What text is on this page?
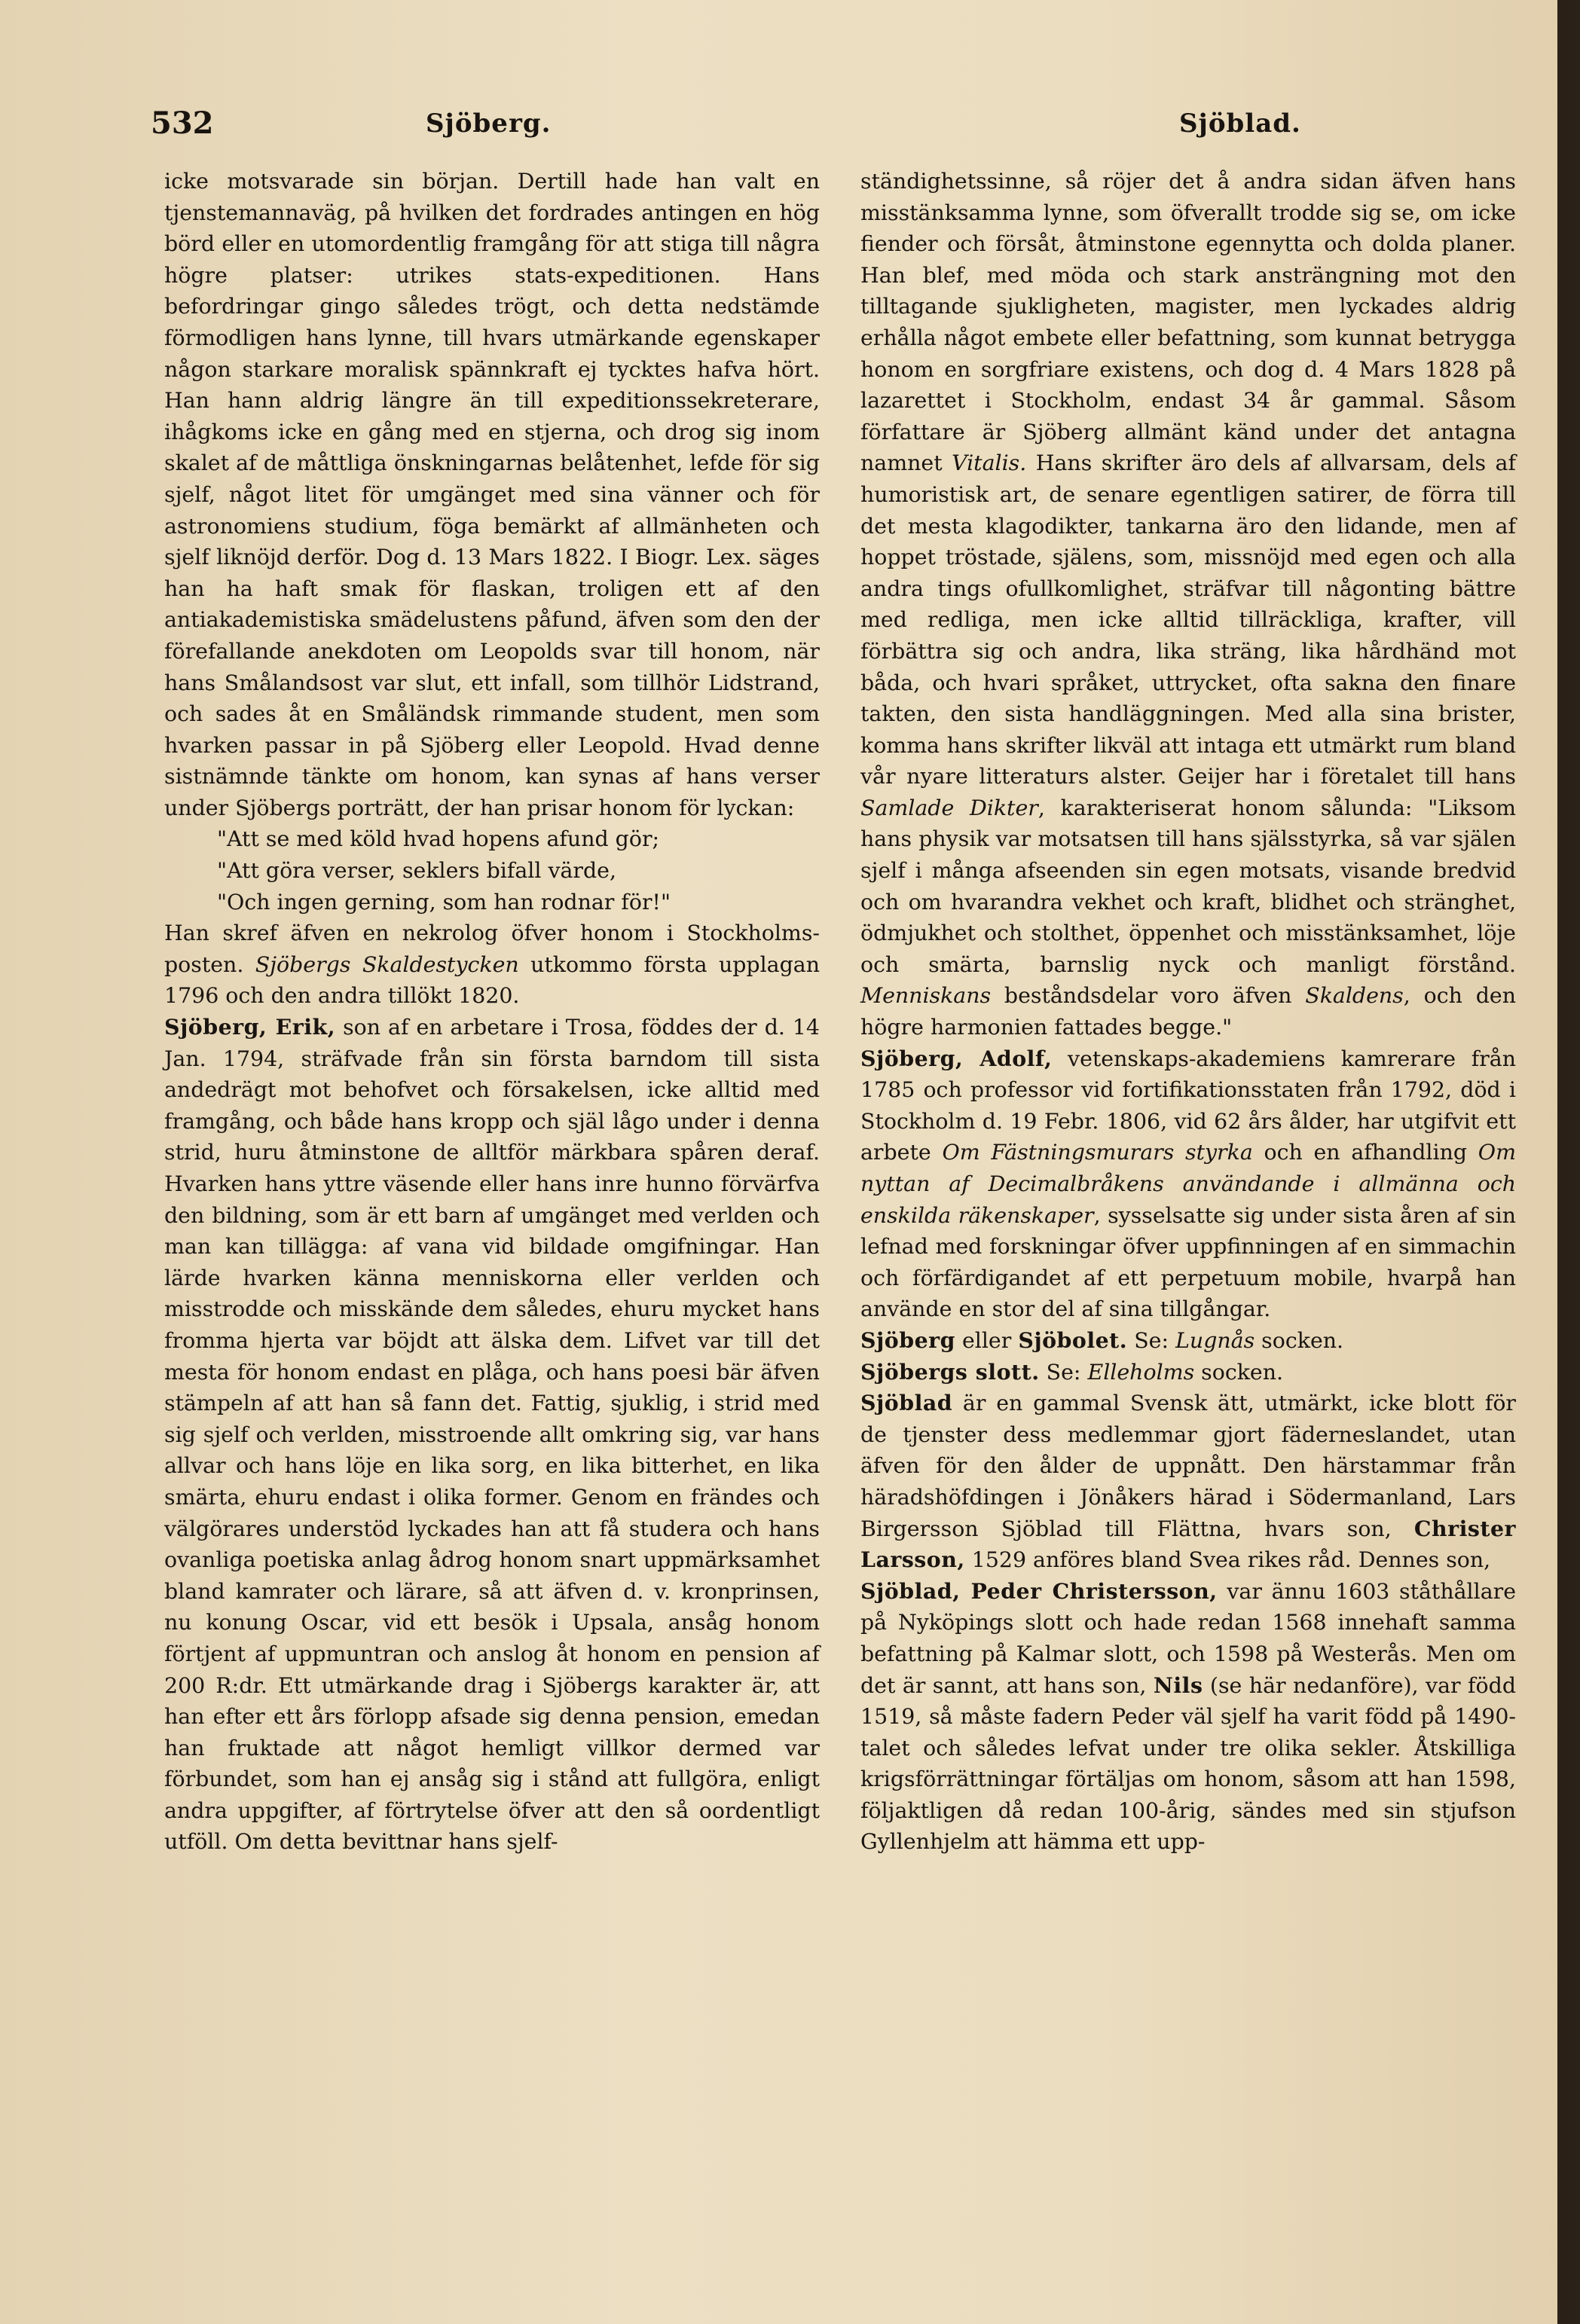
532	Sjöberg.	Sjöblad.

icke motsvarade sin början. Dertill hade han valt en tjenstemannaväg, på hvilken det fordrades antingen en hög börd eller en utomordentlig framgång för att stiga till några högre platser: utrikes stats-expeditionen. Hans befordringar gingo således trögt, och detta nedstämde förmodligen hans lynne, till hvars utmärkande egenskaper någon starkare moralisk spännkraft ej tycktes hafva hört. Han hann aldrig längre än till expeditionssekreterare, ihågkoms icke en gång med en stjerna, och drog sig inom skalet af de måttliga önskningarnas belåtenhet, lefde för sig sjelf, något litet för umgänget med sina vänner och för astronomiens studium, föga bemärkt af allmänheten och sjelf liknöjd derför. Dog d. 13 Mars 1822. I Biogr. Lex. säges han ha haft smak för flaskan, troligen ett af den antiakademistiska smädelustens påfund, äfven som den der förefallande anekdoten om Leopolds svar till honom, när hans Smålandsost var slut, ett infall, som tillhör Lidstrand, och sades åt en Småländsk rimmande student, men som hvarken passar in på Sjöberg eller Leopold. Hvad denne sistnämnde tänkte om honom, kan synas af hans verser under Sjöbergs porträtt, der han prisar honom för lyckan:

"Att se med köld hvad hopens afund gör;
"Att göra verser, seklers bifall värde,
"Och ingen gerning, som han rodnar för!"

Han skref äfven en nekrolog öfver honom i Stockholms-posten. Sjöbergs Skaldestycken utkommo första upplagan 1796 och den andra tillökt 1820.

Sjöberg, Erik, son af en arbetare i Trosa, föddes der d. 14 Jan. 1794, sträfvade från sin första barndom till sista andedrägt mot behofvet och försakelsen, icke alltid med framgång, och både hans kropp och själ lågo under i denna strid, huru åtminstone de alltför märkbara spåren deraf. Hvarken hans yttre väsende eller hans inre hunno förvärfva den bildning, som är ett barn af umgänget med verlden och man kan tillägga: af vana vid bildade omgifningar. Han lärde hvarken känna menniskorna eller verlden och misstrodde och misskände dem således, ehuru mycket hans fromma hjerta var böjdt att älska dem. Lifvet var till det mesta för honom endast en plåga, och hans poesi bär äfven stämpeln af att han så fann det. Fattig, sjuklig, i strid med sig sjelf och verlden, misstroende allt omkring sig, var hans allvar och hans löje en lika sorg, en lika bitterhet, en lika smärta, ehuru endast i olika former. Genom en frändes och välgörares understöd lyckades han att få studera och hans ovanliga poetiska anlag ådrog honom snart uppmärksamhet bland kamrater och lärare, så att äfven d. v. kronprinsen, nu konung Oscar, vid ett besök i Upsala, ansåg honom förtjent af uppmuntran och anslog åt honom en pension af 200 R:dr. Ett utmärkande drag i Sjöbergs karakter är, att han efter ett års förlopp afsade sig denna pension, emedan han fruktade att något hemligt villkor dermed var förbundet, som han ej ansåg sig i stånd att fullgöra, enligt andra uppgifter, af förtrytelse öfver att den så oordentligt utföll. Om detta bevittnar hans sjelf-

ständighetssinne, så röjer det å andra sidan äfven hans misstänksamma lynne, som öfverallt trodde sig se, om icke fiender och försåt, åtminstone egennytta och dolda planer. Han blef, med möda och stark ansträngning mot den tilltagande sjukligheten, magister, men lyckades aldrig erhålla något embete eller befattning, som kunnat betrygga honom en sorgfriare existens, och dog d. 4 Mars 1828 på lazarettet i Stockholm, endast 34 år gammal. Såsom författare är Sjöberg allmänt känd under det antagna namnet Vitalis. Hans skrifter äro dels af allvarsam, dels af humoristisk art, de senare egentligen satirer, de förra till det mesta klagodikter, tankarna äro den lidande, men af hoppet tröstade, själens, som, missnöjd med egen och alla andra tings ofullkomlighet, sträfvar till någonting bättre med redliga, men icke alltid tillräckliga, krafter, vill förbättra sig och andra, lika sträng, lika hårdhänd mot båda, och hvari språket, uttrycket, ofta sakna den finare takten, den sista handläggningen. Med alla sina brister, komma hans skrifter likväl att intaga ett utmärkt rum bland vår nyare litteraturs alster. Geijer har i företalet till hans Samlade Dikter, karakteriserat honom sålunda: "Liksom hans physik var motsatsen till hans själsstyrka, så var själen sjelf i många afseenden sin egen motsats, visande bredvid och om hvarandra vekhet och kraft, blidhet och stränghet, ödmjukhet och stolthet, öppenhet och misstänksamhet, löje och smärta, barnslig nyck och manligt förstånd. Menniskans beståndsdelar voro äfven Skaldens, och den högre harmonien fattades begge."

Sjöberg, Adolf, vetenskaps-akademiens kamrerare från 1785 och professor vid fortifikationsstaten från 1792, död i Stockholm d. 19 Febr. 1806, vid 62 års ålder, har utgifvit ett arbete Om Fästningsmurars styrka och en afhandling Om nyttan af Decimalbråkens användande i allmänna och enskilda räkenskaper, sysselsatte sig under sista åren af sin lefnad med forskningar öfver uppfinningen af en simmachin och förfärdigandet af ett perpetuum mobile, hvarpå han använde en stor del af sina tillgångar.

Sjöberg eller Sjöbolet. Se: Lugnås socken.

Sjöbergs slott. Se: Elleholms socken.

Sjöblad är en gammal Svensk ätt, utmärkt, icke blott för de tjenster dess medlemmar gjort fäderneslandet, utan äfven för den ålder de uppnått. Den härstammar från häradshöfdingen i Jönåkers härad i Södermanland, Lars Birgersson Sjöblad till Flättna, hvars son, Christer Larsson, 1529 anföres bland Svea rikes råd. Dennes son,

Sjöblad, Peder Christersson, var ännu 1603 ståthållare på Nyköpings slott och hade redan 1568 innehaft samma befattning på Kalmar slott, och 1598 på Westerås. Men om det är sannt, att hans son, Nils (se här nedanföre), var född 1519, så måste fadern Peder väl sjelf ha varit född på 1490-talet och således lefvat under tre olika sekler. Åtskilliga krigsförrättningar förtäljas om honom, såsom att han 1598, följaktligen då redan 100-årig, sändes med sin stjufson Gyllenhjelm att hämma ett upp-
